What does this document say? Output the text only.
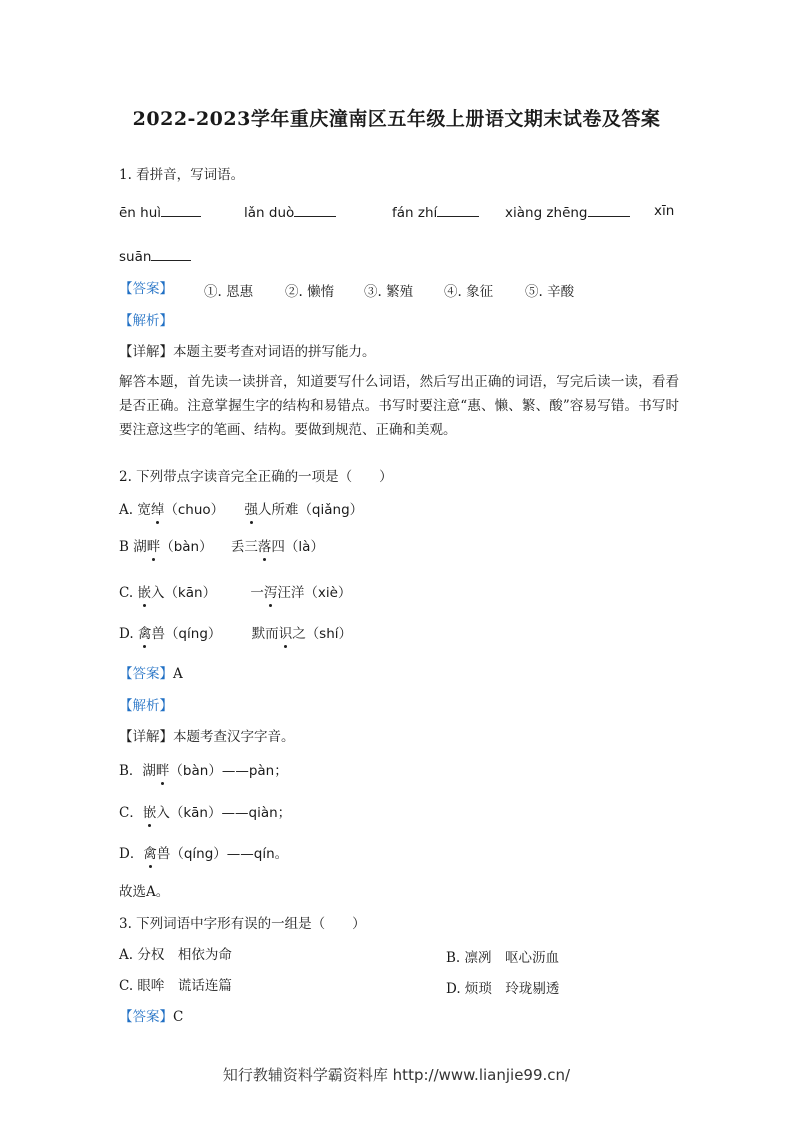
2022-2023学年重庆潼南区五年级上册语文期末试卷及答案
1. 看拼音，写词语。
ēn huì	lǎn duò	fán zhí	xiàng zhēng	xīn
suān
【答案】 ①. 恩惠 ②. 懒惰 ③. 繁殖 ④. 象征 ⑤. 辛酸
【解析】
【详解】本题主要考查对词语的拼写能力。
解答本题，首先读一读拼音，知道要写什么词语，然后写出正确的词语，写完后读一读，看看是否正确。注意掌握生字的结构和易错点。书写时要注意“惠、懒、繁、酸”容易写错。书写时要注意这些字的笔画、结构。要做到规范、正确和美观。
2. 下列带点字读音完全正确的一项是（　　）
A. 宽绰（chuo） 强人所难（qiǎng）
B 湖畔（bàn） 丢三落四（là）
C. 嵌入（kān）	一泻汪洋（xiè）
D. 禽兽（qíng） 默而识之（shí）
【答案】A
【解析】
【详解】本题考查汉字字音。
B．湖畔（bàn）——pàn；
C．嵌入（kān）——qiàn；
D．禽兽（qíng）——qín。
故选A。
3. 下列词语中字形有误的一组是（　　）
A. 分权　相依为命	B. 凛冽　呕心沥血
C. 眼哞　谎话连篇	D. 烦琐　玲珑剔透
【答案】C
知行教辅资料学霸资料库 http://www.lianjie99.cn/
